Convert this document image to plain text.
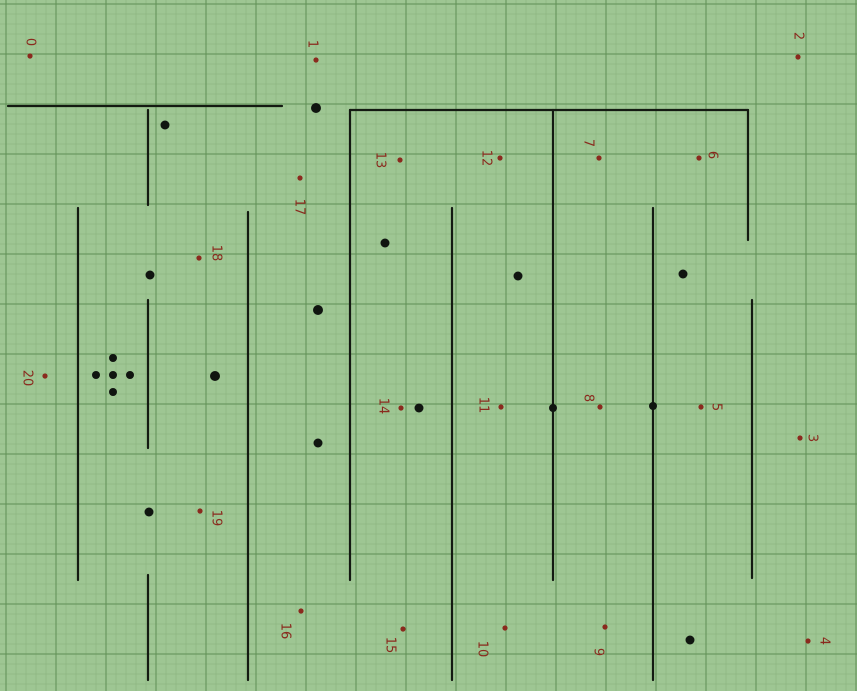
1
2
3
4
5
6
7
8
9
10
11
12
13
14
15
16
17
18
19
20
0
